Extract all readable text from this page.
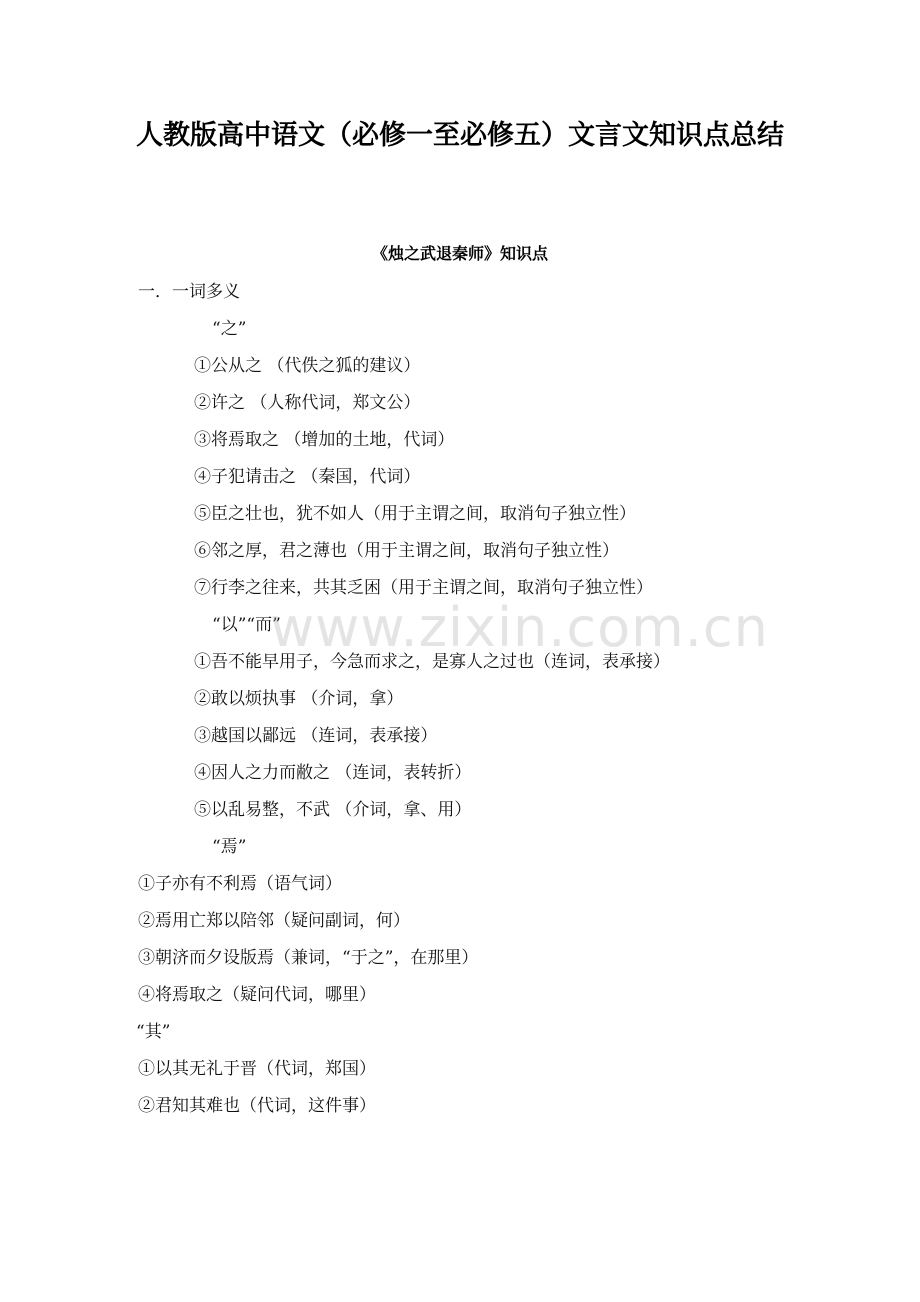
人教版高中语文（必修一至必修五）文言文知识点总结
《烛之武退秦师》知识点
一．一词多义
“之”
①公从之 （代佚之狐的建议）
②许之 （人称代词，郑文公）
③将焉取之 （增加的土地，代词）
④子犯请击之 （秦国，代词）
⑤臣之壮也，犹不如人（用于主谓之间，取消句子独立性）
⑥邻之厚，君之薄也（用于主谓之间，取消句子独立性）
⑦行李之往来，共其乏困（用于主谓之间，取消句子独立性）
“以”“而”
①吾不能早用子，今急而求之，是寡人之过也（连词，表承接）
②敢以烦执事 （介词，拿）
③越国以鄙远 （连词，表承接）
④因人之力而敝之 （连词，表转折）
⑤以乱易整，不武 （介词，拿、用）
“焉”
①子亦有不利焉（语气词）
②焉用亡郑以陪邻（疑问副词，何）
③朝济而夕设版焉（兼词，“于之”，在那里）
④将焉取之（疑问代词，哪里）
“其”
①以其无礼于晋（代词，郑国）
②君知其难也（代词，这件事）
www.zixin.com.cn
